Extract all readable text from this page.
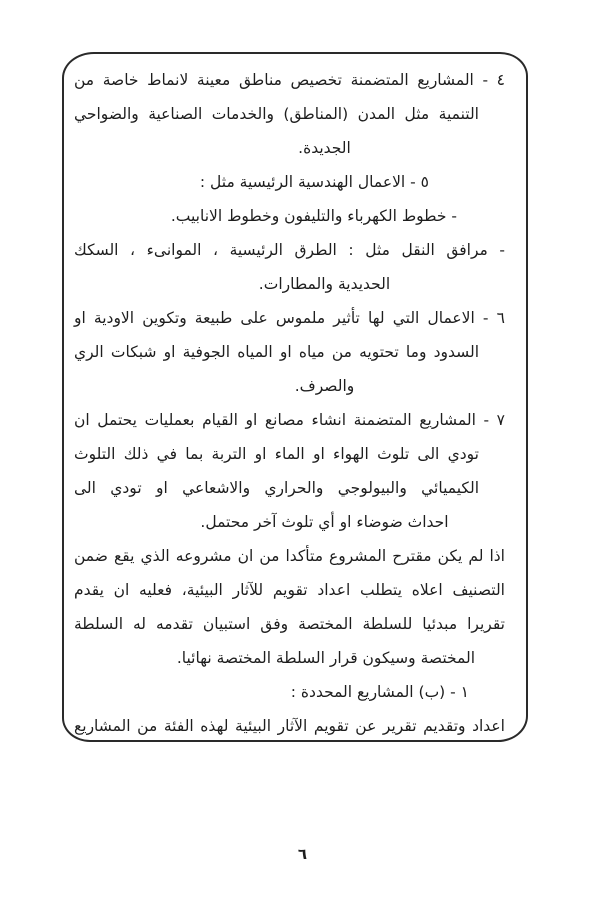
٤ - المشاريع المتضمنة تخصيص مناطق معينة لانماط خاصة من
التنمية مثل المدن (المناطق) والخدمات الصناعية والضواحي
الجديدة.
٥ - الاعمال الهندسية الرئيسية مثل :
- خطوط الكهرباء والتليفون وخطوط الانابيب.
- مرافق النقل مثل : الطرق الرئيسية ، الموانىء ، السكك
الحديدية والمطارات.
٦ - الاعمال التي لها تأثير ملموس على طبيعة وتكوين الاودية او
السدود وما تحتويه من مياه او المياه الجوفية او شبكات الري
والصرف.
٧ - المشاريع المتضمنة انشاء مصانع او القيام بعمليات يحتمل ان
تودي الى تلوث الهواء او الماء او التربة بما في ذلك التلوث
الكيميائي والبيولوجي والحراري والاشعاعي او تودي الى
احداث ضوضاء او أي تلوث آخر محتمل.
اذا لم يكن مقترح المشروع متأكدا من ان مشروعه الذي يقع ضمن
التصنيف اعلاه يتطلب اعداد تقويم للآثار البيئية، فعليه ان يقدم
تقريرا مبدئيا للسلطة المختصة وفق استبيان تقدمه له السلطة
المختصة وسيكون قرار السلطة المختصة نهائيا.
١ - (ب) المشاريع المحددة :
اعداد وتقديم تقرير عن تقويم الآثار البيئية لهذه الفئة من المشاريع
٦
